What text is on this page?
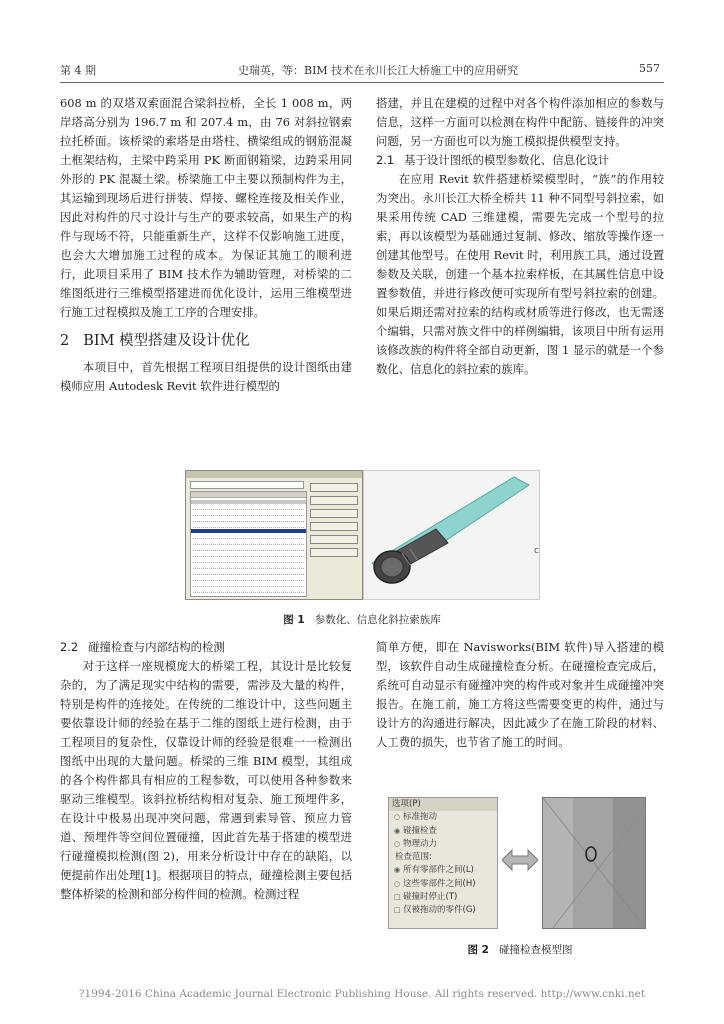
第 4 期	史瑞英，等：BIM 技术在永川长江大桥施工中的应用研究	557

608 m 的双塔双索面混合梁斜拉桥，全长 1 008 m，两岸塔高分别为 196.7 m 和 207.4 m，由 76 对斜拉钢索拉托桥面。该桥梁的索塔是由塔柱、横梁组成的钢筋混凝土框架结构，主梁中跨采用 PK 断面钢箱梁，边跨采用同外形的 PK 混凝土梁。桥梁施工中主要以预制构件为主，其运输到现场后进行拼装、焊接、螺栓连接及相关作业，因此对构件的尺寸设计与生产的要求较高，如果生产的构件与现场不符，只能重新生产，这样不仅影响施工进度，也会大大增加施工过程的成本。为保证其施工的顺利进行，此项目采用了 BIM 技术作为辅助管理，对桥梁的二维图纸进行三维模型搭建进而优化设计，运用三维模型进行施工过程模拟及施工工序的合理安排。

2 BIM 模型搭建及设计优化

本项目中，首先根据工程项目组提供的设计图纸由建模师应用 Autodesk Revit 软件进行模型的

搭建，并且在建模的过程中对各个构件添加相应的参数与信息，这样一方面可以检测在构件中配筋、链接件的冲突问题，另一方面也可以为施工模拟提供模型支持。

2.1 基于设计图纸的模型参数化、信息化设计

在应用 Revit 软件搭建桥梁模型时，“族”的作用较为突出。永川长江大桥全桥共 11 种不同型号斜拉索，如果采用传统 CAD 三维建模，需要先完成一个型号的拉索，再以该模型为基础通过复制、修改、缩放等操作逐一创建其他型号。在使用 Revit 时，利用族工具，通过设置参数及关联，创建一个基本拉索样板，在其属性信息中设置参数值，并进行修改便可实现所有型号斜拉索的创建。如果后期还需对拉索的结构或材质等进行修改，也无需逐个编辑，只需对族文件中的样例编辑，该项目中所有运用该修改族的构件将全部自动更新，图 1 显示的就是一个参数化、信息化的斜拉索的族库。

c
图 1 参数化、信息化斜拉索族库
2.2 碰撞检查与内部结构的检测

对于这样一座规模庞大的桥梁工程，其设计是比较复杂的，为了满足现实中结构的需要，需涉及大量的构件，特别是构件的连接处。在传统的二维设计中，这些问题主要依靠设计师的经验在基于二维的图纸上进行检测，由于工程项目的复杂性，仅靠设计师的经验是很难一一检测出图纸中出现的大量问题。桥梁的三维 BIM 模型，其组成的各个构件都具有相应的工程参数，可以使用各种参数来驱动三维模型。该斜拉桥结构相对复杂、施工预埋件多，在设计中极易出现冲突问题，常遇到索导管、预应力管道、预埋件等空间位置碰撞，因此首先基于搭建的模型进行碰撞模拟检测(图 2)，用来分析设计中存在的缺陷，以便提前作出处理[1]。根据项目的特点，碰撞检测主要包括整体桥梁的检测和部分构件间的检测。检测过程

简单方便，即在 Navisworks(BIM 软件)导入搭建的模型，该软件自动生成碰撞检查分析。在碰撞检查完成后，系统可自动显示有碰撞冲突的构件或对象并生成碰撞冲突报告。在施工前，施工方将这些需要变更的构件，通过与设计方的沟通进行解决，因此减少了在施工阶段的材料、人工费的损失，也节省了施工的时间。

选项(P)
○ 标准拖动
◉ 碰撞检查
○ 物理动力
检查范围:
◉ 所有零部件之间(L)
○ 这些零部件之间(H)
□ 碰撞时停止(T)
□ 仅被拖动的零件(G)
图 2 碰撞检查模型图
?1994-2016 China Academic Journal Electronic Publishing House. All rights reserved. http://www.cnki.net
